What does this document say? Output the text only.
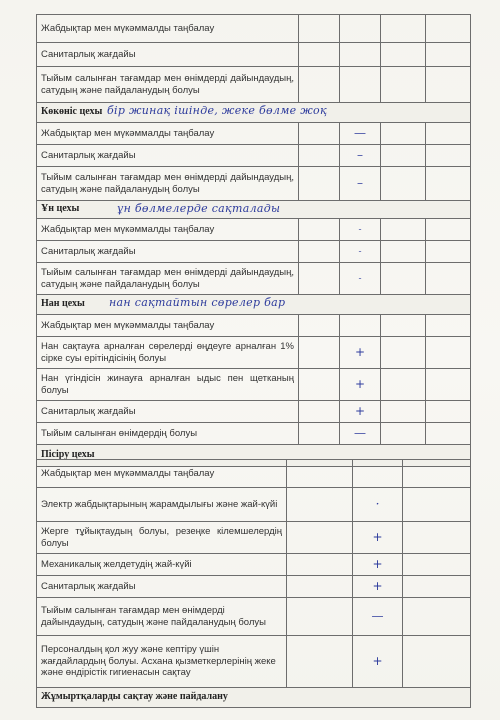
Жабдықтар мен мүкәммалды таңбалау				
Санитарлық жағдайы				
Тыйым салынған тағамдар мен өнімдерді дайындаудың, сатудың және пайдаланудың болуы				
Көкөніс цехы бір жинақ ішінде, жеке бөлме жоқ				

Жабдықтар мен мүкәммалды таңбалау		—		
Санитарлық жағдайы		–		
Тыйым салынған тағамдар мен өнімдерді дайындаудың, сатудың және пайдаланудың болуы		–		
Ұн цехы ұн бөлмелерде сақталады				

Жабдықтар мен мүкәммалды таңбалау		-		
Санитарлық жағдайы		-		
Тыйым салынған тағамдар мен өнімдерді дайындаудың, сатудың және пайдаланудың болуы		-		
Нан цехы нан сақтайтын сөрелер бар				

Жабдықтар мен мүкәммалды таңбалау				
Нан сақтауға арналған сөрелерді өңдеуге арналған 1% сірке суы ерітіндісінің болуы		+		
Нан үгіндісін жинауға арналған ыдыс пен щетканың болуы		+		
Санитарлық жағдайы		+		
Тыйым салынған өнімдердің болуы		—		
Пісіру цехы				
Жабдықтар мен мүкәммалды таңбалау			
Электр жабдықтарының жарамдылығы және жай-күйі		·	
Жерге тұйықтаудың болуы, резеңке кілемшелердің болуы		+	
Механикалық желдетудің жай-күйі		+	
Санитарлық жағдайы		+	
Тыйым салынған тағамдар мен өнімдерді дайындаудың, сатудың және пайдаланудың болуы		—	
Персоналдың қол жуу және кептіру үшін жағдайлардың болуы. Асхана қызметкерлерінің жеке және өндірістік гигиенасын сақтау		+	
Жұмыртқаларды сақтау және пайдалану			
